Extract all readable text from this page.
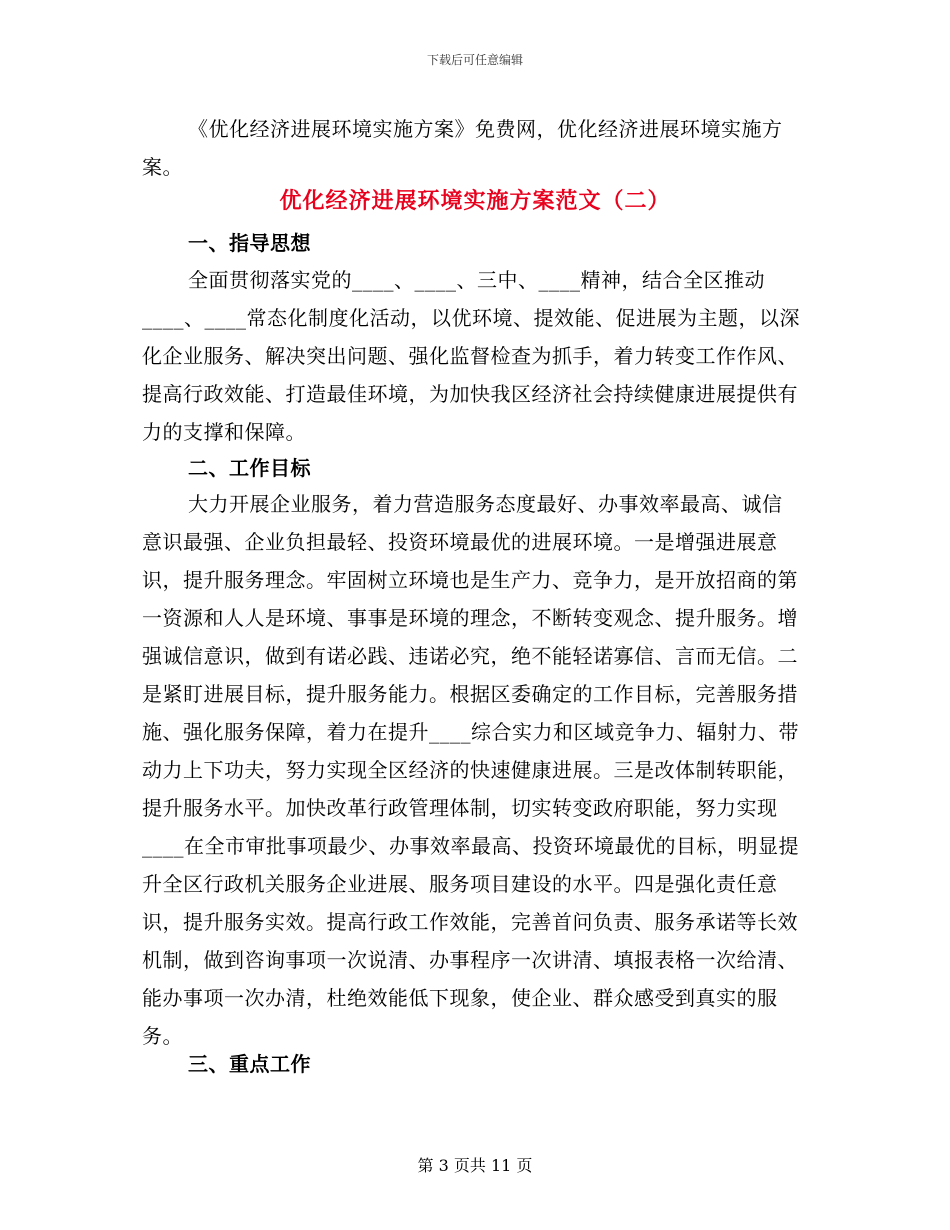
下载后可任意编辑

《优化经济进展环境实施方案》免费网，优化经济进展环境实施方案。

优化经济进展环境实施方案范文（二）
一、指导思想

全面贯彻落实党的____、____、三中、____精神，结合全区推动____、____常态化制度化活动，以优环境、提效能、促进展为主题，以深化企业服务、解决突出问题、强化监督检查为抓手，着力转变工作作风、提高行政效能、打造最佳环境，为加快我区经济社会持续健康进展提供有力的支撑和保障。

二、工作目标

大力开展企业服务，着力营造服务态度最好、办事效率最高、诚信意识最强、企业负担最轻、投资环境最优的进展环境。一是增强进展意识，提升服务理念。牢固树立环境也是生产力、竞争力，是开放招商的第一资源和人人是环境、事事是环境的理念，不断转变观念、提升服务。增强诚信意识，做到有诺必践、违诺必究，绝不能轻诺寡信、言而无信。二是紧盯进展目标，提升服务能力。根据区委确定的工作目标，完善服务措施、强化服务保障，着力在提升____综合实力和区域竞争力、辐射力、带动力上下功夫，努力实现全区经济的快速健康进展。三是改体制转职能，提升服务水平。加快改革行政管理体制，切实转变政府职能，努力实现____在全市审批事项最少、办事效率最高、投资环境最优的目标，明显提升全区行政机关服务企业进展、服务项目建设的水平。四是强化责任意识，提升服务实效。提高行政工作效能，完善首问负责、服务承诺等长效机制，做到咨询事项一次说清、办事程序一次讲清、填报表格一次给清、能办事项一次办清，杜绝效能低下现象，使企业、群众感受到真实的服务。

三、重点工作
第 3 页共 11 页
